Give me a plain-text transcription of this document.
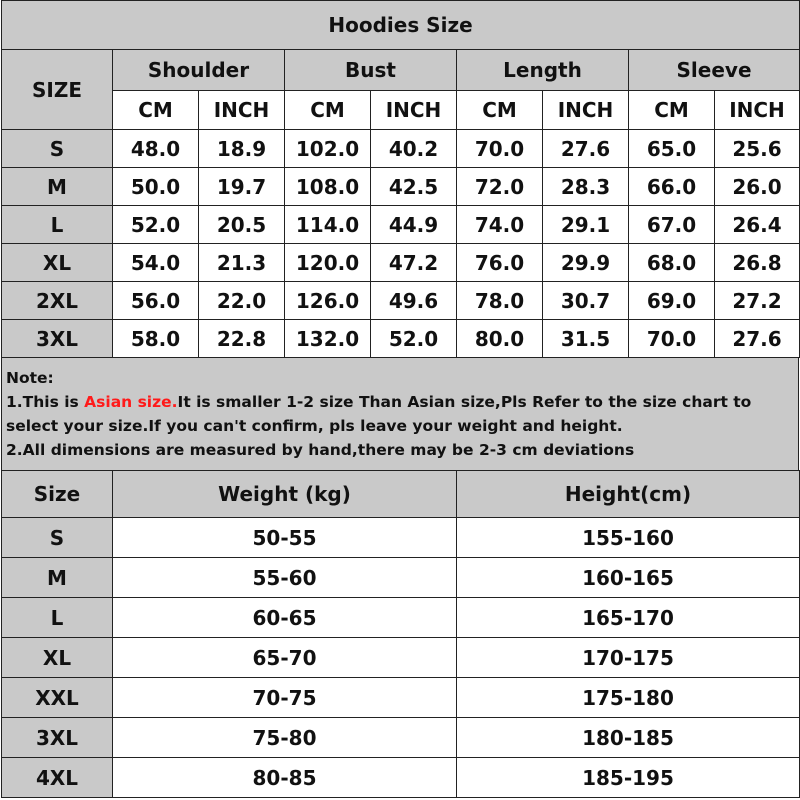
Hoodies Size								
SIZE	Shoulder		Bust		Length		Sleeve	
	CM	INCH	CM	INCH	CM	INCH	CM	INCH
S	48.0	18.9	102.0	40.2	70.0	27.6	65.0	25.6
M	50.0	19.7	108.0	42.5	72.0	28.3	66.0	26.0
L	52.0	20.5	114.0	44.9	74.0	29.1	67.0	26.4
XL	54.0	21.3	120.0	47.2	76.0	29.9	68.0	26.8
2XL	56.0	22.0	126.0	49.6	78.0	30.7	69.0	27.2
3XL	58.0	22.8	132.0	52.0	80.0	31.5	70.0	27.6
Note:
1.This is Asian size.It is smaller 1-2 size Than Asian size,Pls Refer to the size chart to select your size.If you can't confirm, pls leave your weight and height.
2.All dimensions are measured by hand,there may be 2-3 cm deviations
Size	Weight (kg)	Height(cm)
S	50-55	155-160
M	55-60	160-165
L	60-65	165-170
XL	65-70	170-175
XXL	70-75	175-180
3XL	75-80	180-185
4XL	80-85	185-195
